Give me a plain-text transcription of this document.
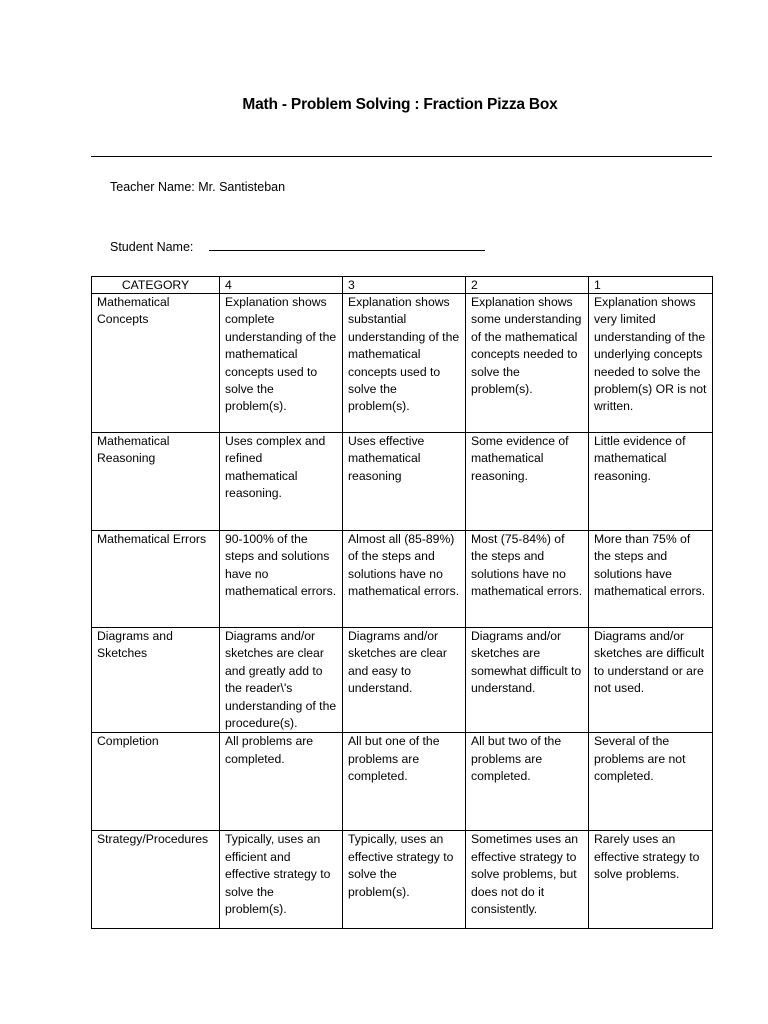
Math - Problem Solving : Fraction Pizza Box
Teacher Name: Mr. Santisteban
Student Name:
CATEGORY	4	3	2	1
Mathematical Concepts	Explanation shows complete understanding of the mathematical concepts used to solve the problem(s).	Explanation shows substantial understanding of the mathematical concepts used to solve the problem(s).	Explanation shows some understanding of the mathematical concepts needed to solve the problem(s).	Explanation shows very limited understanding of the underlying concepts needed to solve the problem(s) OR is not written.
Mathematical Reasoning	Uses complex and refined mathematical reasoning.	Uses effective mathematical reasoning	Some evidence of mathematical reasoning.	Little evidence of mathematical reasoning.
Mathematical Errors	90-100% of the steps and solutions have no mathematical errors.	Almost all (85-89%) of the steps and solutions have no mathematical errors.	Most (75-84%) of the steps and solutions have no mathematical errors.	More than 75% of the steps and solutions have mathematical errors.
Diagrams and Sketches	Diagrams and/or sketches are clear and greatly add to the reader\'s understanding of the procedure(s).	Diagrams and/or sketches are clear and easy to understand.	Diagrams and/or sketches are somewhat difficult to understand.	Diagrams and/or sketches are difficult to understand or are not used.
Completion	All problems are completed.	All but one of the problems are completed.	All but two of the problems are completed.	Several of the problems are not completed.
Strategy/Procedures	Typically, uses an efficient and effective strategy to solve the problem(s).	Typically, uses an effective strategy to solve the problem(s).	Sometimes uses an effective strategy to solve problems, but does not do it consistently.	Rarely uses an effective strategy to solve problems.
